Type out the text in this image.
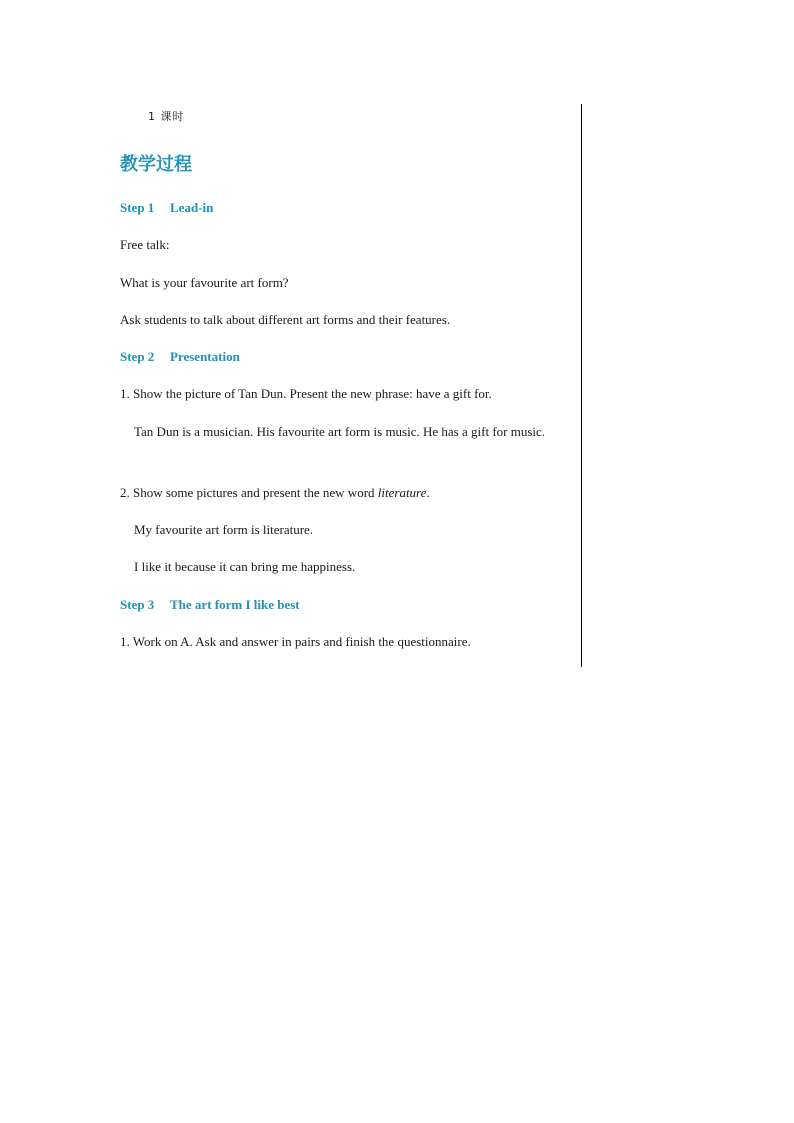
1 课时
教学过程
Step 1 Lead-in
Free talk:
What is your favourite art form?
Ask students to talk about different art forms and their features.
Step 2 Presentation
1. Show the picture of Tan Dun. Present the new phrase: have a gift for.
Tan Dun is a musician. His favourite art form is music. He has a gift for music.
2. Show some pictures and present the new word literature.
My favourite art form is literature.
I like it because it can bring me happiness.
Step 3 The art form I like best
1. Work on A. Ask and answer in pairs and finish the questionnaire.
